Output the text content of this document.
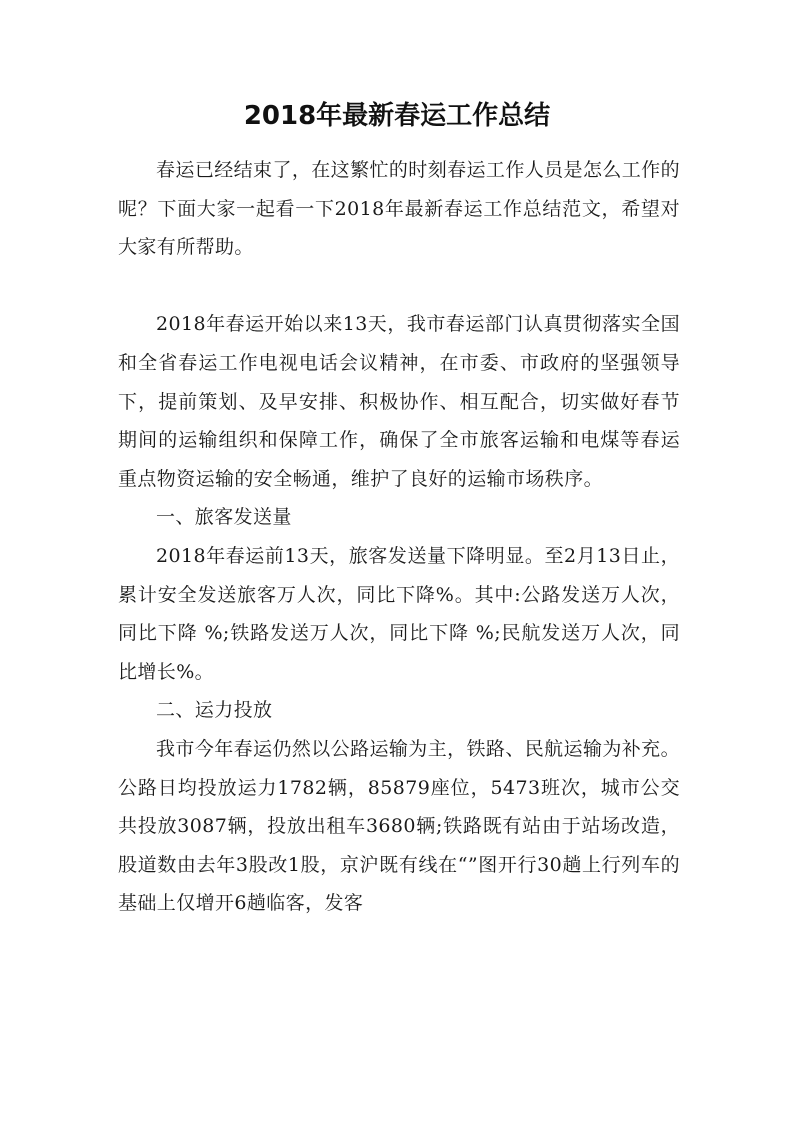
2018年最新春运工作总结

春运已经结束了，在这繁忙的时刻春运工作人员是怎么工作的呢？下面大家一起看一下2018年最新春运工作总结范文，希望对大家有所帮助。

2018年春运开始以来13天，我市春运部门认真贯彻落实全国和全省春运工作电视电话会议精神，在市委、市政府的坚强领导下，提前策划、及早安排、积极协作、相互配合，切实做好春节期间的运输组织和保障工作，确保了全市旅客运输和电煤等春运重点物资运输的安全畅通，维护了良好的运输市场秩序。

一、旅客发送量

2018年春运前13天，旅客发送量下降明显。至2月13日止，累计安全发送旅客万人次，同比下降%。其中:公路发送万人次，同比下降 %;铁路发送万人次，同比下降 %;民航发送万人次，同比增长%。

二、运力投放

我市今年春运仍然以公路运输为主，铁路、民航运输为补充。公路日均投放运力1782辆，85879座位，5473班次，城市公交共投放3087辆，投放出租车3680辆;铁路既有站由于站场改造，股道数由去年3股改1股，京沪既有线在“”图开行30趟上行列车的基础上仅增开6趟临客，发客
